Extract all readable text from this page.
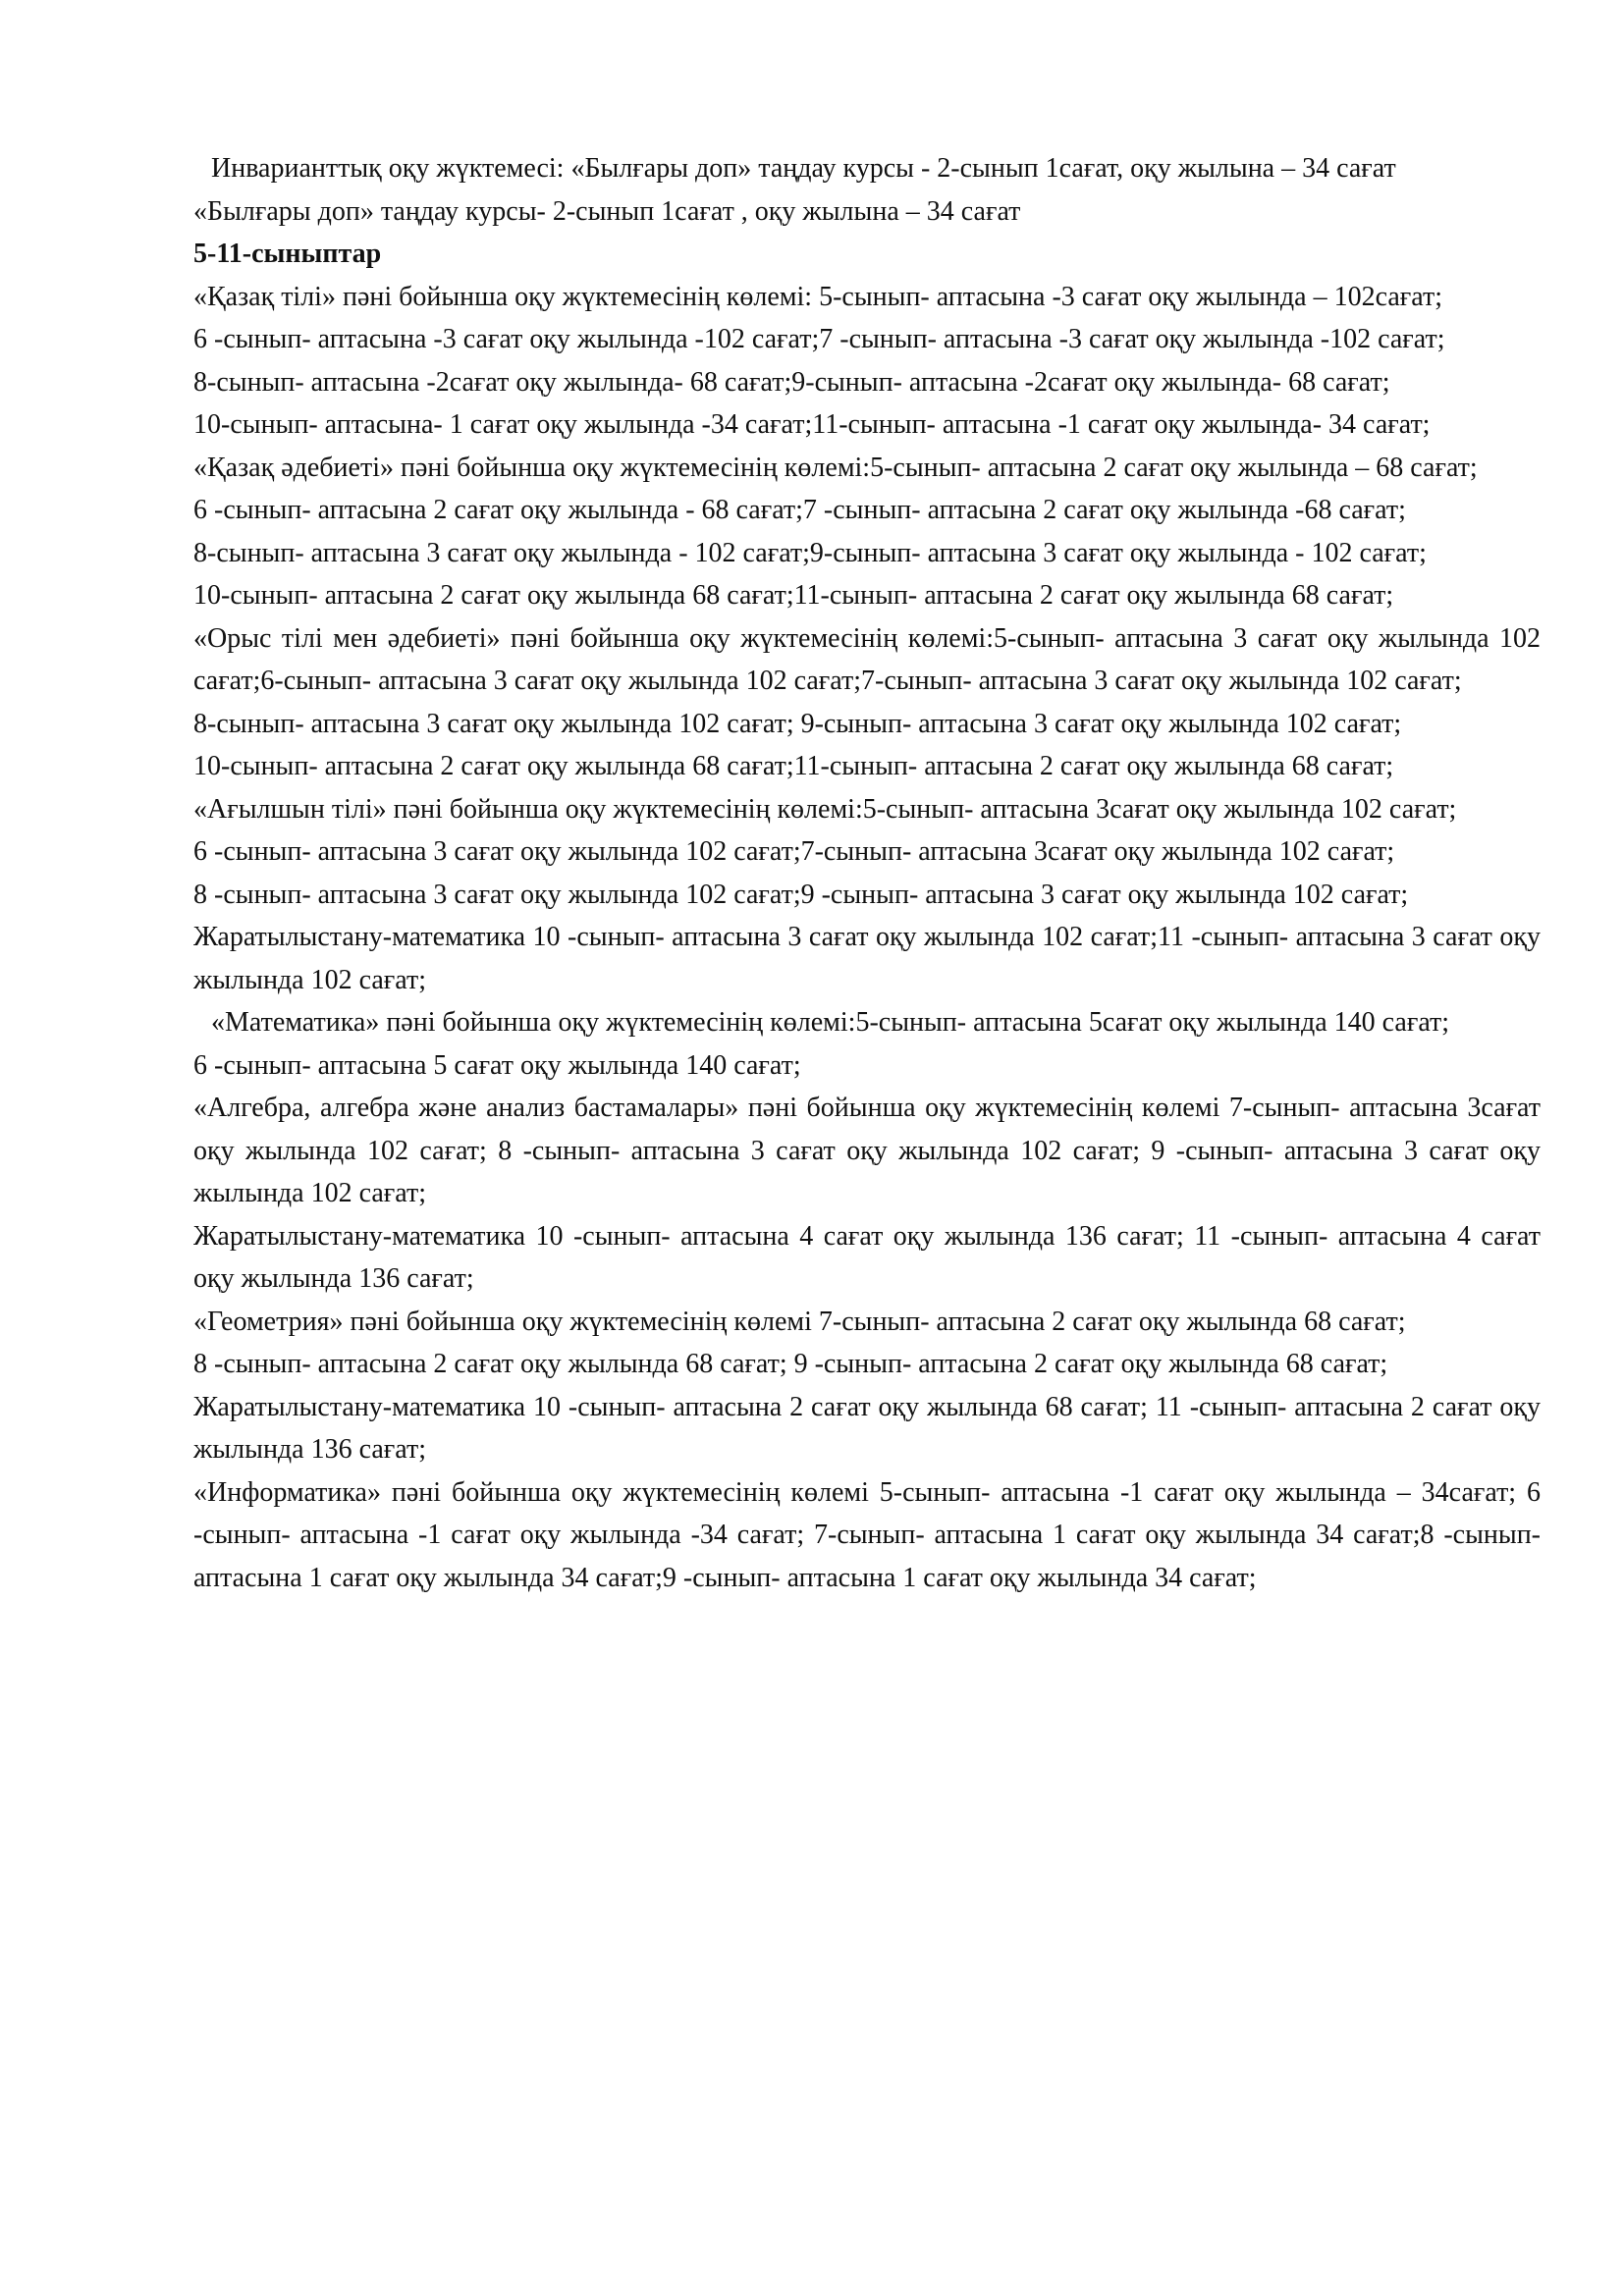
Инварианттық оқу жүктемесі: «Былғары доп» таңдау курсы - 2-сынып 1сағат, оқу жылына – 34 сағат

«Былғары доп» таңдау курсы- 2-сынып 1сағат , оқу жылына – 34 сағат

5-11-сыныптар

«Қазақ тілі» пәні бойынша оқу жүктемесінің көлемі: 5-сынып- аптасына -3 сағат оқу жылында – 102сағат;

6 -сынып- аптасына -3 сағат оқу жылында -102 сағат;7 -сынып- аптасына -3 сағат оқу жылында -102 сағат;

8-сынып- аптасына -2сағат оқу жылында- 68 сағат;9-сынып- аптасына -2сағат оқу жылында- 68 сағат;

10-сынып- аптасына- 1 сағат оқу жылында -34 сағат;11-сынып- аптасына -1 сағат оқу жылында- 34 сағат;

«Қазақ әдебиеті» пәні бойынша оқу жүктемесінің көлемі:5-сынып- аптасына 2 сағат оқу жылында – 68 сағат;

6 -сынып- аптасына 2 сағат оқу жылында - 68 сағат;7 -сынып- аптасына 2 сағат оқу жылында -68 сағат;

8-сынып- аптасына 3 сағат оқу жылында - 102 сағат;9-сынып- аптасына 3 сағат оқу жылында - 102 сағат;

10-сынып- аптасына 2 сағат оқу жылында 68 сағат;11-сынып- аптасына 2 сағат оқу жылында 68 сағат;

«Орыс тілі мен әдебиеті» пәні бойынша оқу жүктемесінің көлемі:5-сынып- аптасына 3 сағат оқу жылында 102 сағат;6-сынып- аптасына 3 сағат оқу жылында 102 сағат;7-сынып- аптасына 3 сағат оқу жылында 102 сағат;

8-сынып- аптасына 3 сағат оқу жылында 102 сағат; 9-сынып- аптасына 3 сағат оқу жылында 102 сағат;

10-сынып- аптасына 2 сағат оқу жылында 68 сағат;11-сынып- аптасына 2 сағат оқу жылында 68 сағат;

«Ағылшын тілі» пәні бойынша оқу жүктемесінің көлемі:5-сынып- аптасына 3сағат оқу жылында 102 сағат;

6 -сынып- аптасына 3 сағат оқу жылында 102 сағат;7-сынып- аптасына 3сағат оқу жылында 102 сағат;

8 -сынып- аптасына 3 сағат оқу жылында 102 сағат;9 -сынып- аптасына 3 сағат оқу жылында 102 сағат;

Жаратылыстану-математика 10 -сынып- аптасына 3 сағат оқу жылында 102 сағат;11 -сынып- аптасына 3 сағат оқу жылында 102 сағат;

«Математика» пәні бойынша оқу жүктемесінің көлемі:5-сынып- аптасына 5сағат оқу жылында 140 сағат;

6 -сынып- аптасына 5 сағат оқу жылында 140 сағат;

«Алгебра, алгебра және анализ бастамалары» пәні бойынша оқу жүктемесінің көлемі 7-сынып- аптасына 3сағат оқу жылында 102 сағат; 8 -сынып- аптасына 3 сағат оқу жылында 102 сағат; 9 -сынып- аптасына 3 сағат оқу жылында 102 сағат;

Жаратылыстану-математика 10 -сынып- аптасына 4 сағат оқу жылында 136 сағат; 11 -сынып- аптасына 4 сағат оқу жылында 136 сағат;

«Геометрия» пәні бойынша оқу жүктемесінің көлемі 7-сынып- аптасына 2 сағат оқу жылында 68 сағат;

8 -сынып- аптасына 2 сағат оқу жылында 68 сағат; 9 -сынып- аптасына 2 сағат оқу жылында 68 сағат;

Жаратылыстану-математика 10 -сынып- аптасына 2 сағат оқу жылында 68 сағат; 11 -сынып- аптасына 2 сағат оқу жылында 136 сағат;

«Информатика» пәні бойынша оқу жүктемесінің көлемі 5-сынып- аптасына -1 сағат оқу жылында – 34сағат; 6 -сынып- аптасына -1 сағат оқу жылында -34 сағат; 7-сынып- аптасына 1 сағат оқу жылында 34 сағат;8 -сынып- аптасына 1 сағат оқу жылында 34 сағат;9 -сынып- аптасына 1 сағат оқу жылында 34 сағат;
